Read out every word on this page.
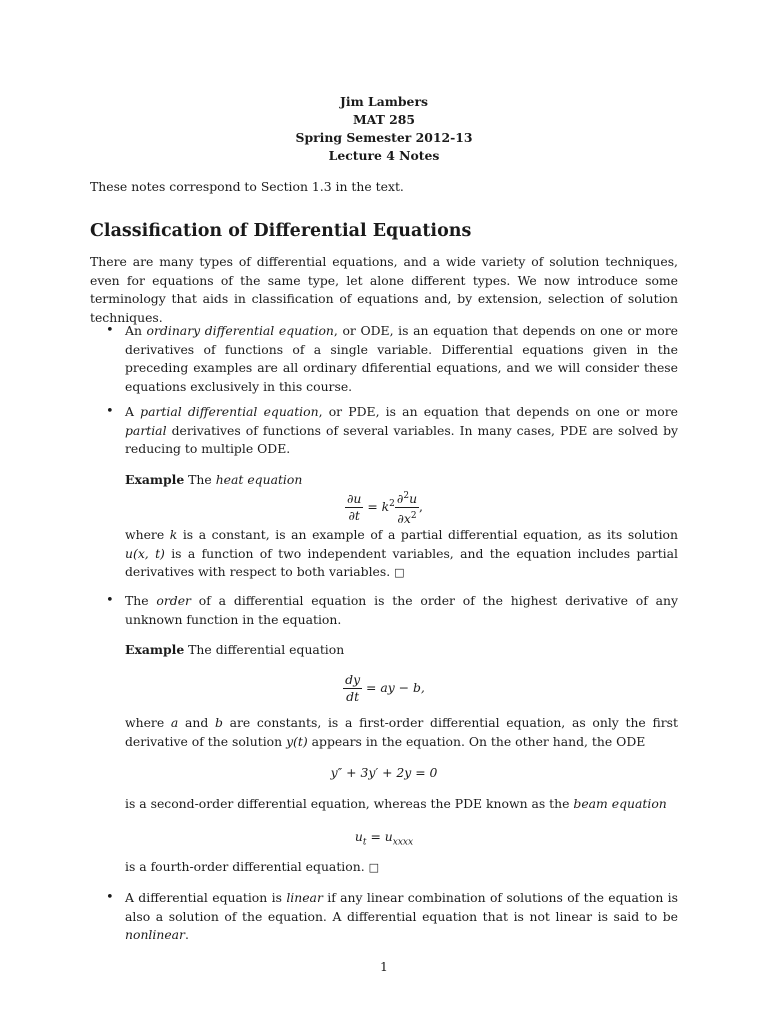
Jim Lambers
MAT 285
Spring Semester 2012-13
Lecture 4 Notes
These notes correspond to Section 1.3 in the text.
Classification of Differential Equations
There are many types of differential equations, and a wide variety of solution techniques, even for equations of the same type, let alone different types. We now introduce some terminology that aids in classification of equations and, by extension, selection of solution techniques.
• An ordinary differential equation, or ODE, is an equation that depends on one or more derivatives of functions of a single variable. Differential equations given in the preceding examples are all ordinary dfiferential equations, and we will consider these equations exclusively in this course.
• A partial differential equation, or PDE, is an equation that depends on one or more partial derivatives of functions of several variables. In many cases, PDE are solved by reducing to multiple ODE.
Example The heat equation
$\frac{\partial u}{\partial t} = k^2 \frac{\partial^2u}{\partial x^2}$ ,
where k is a constant, is an example of a partial differential equation, as its solution u(x, t) is a function of two independent variables, and the equation includes partial derivatives with respect to both variables. □
• The order of a differential equation is the order of the highest derivative of any unknown function in the equation.
Example The differential equation
$\frac{dy}{dt}$ = ay − b,
where a and b are constants, is a first-order differential equation, as only the first derivative of the solution y(t) appears in the equation. On the other hand, the ODE
y″ + 3y′ + 2y = 0
is a second-order differential equation, whereas the PDE known as the beam equation
$u_t = u_{xxxx}$
is a fourth-order differential equation. □
• A differential equation is linear if any linear combination of solutions of the equation is also a solution of the equation. A differential equation that is not linear is said to be nonlinear.
1
